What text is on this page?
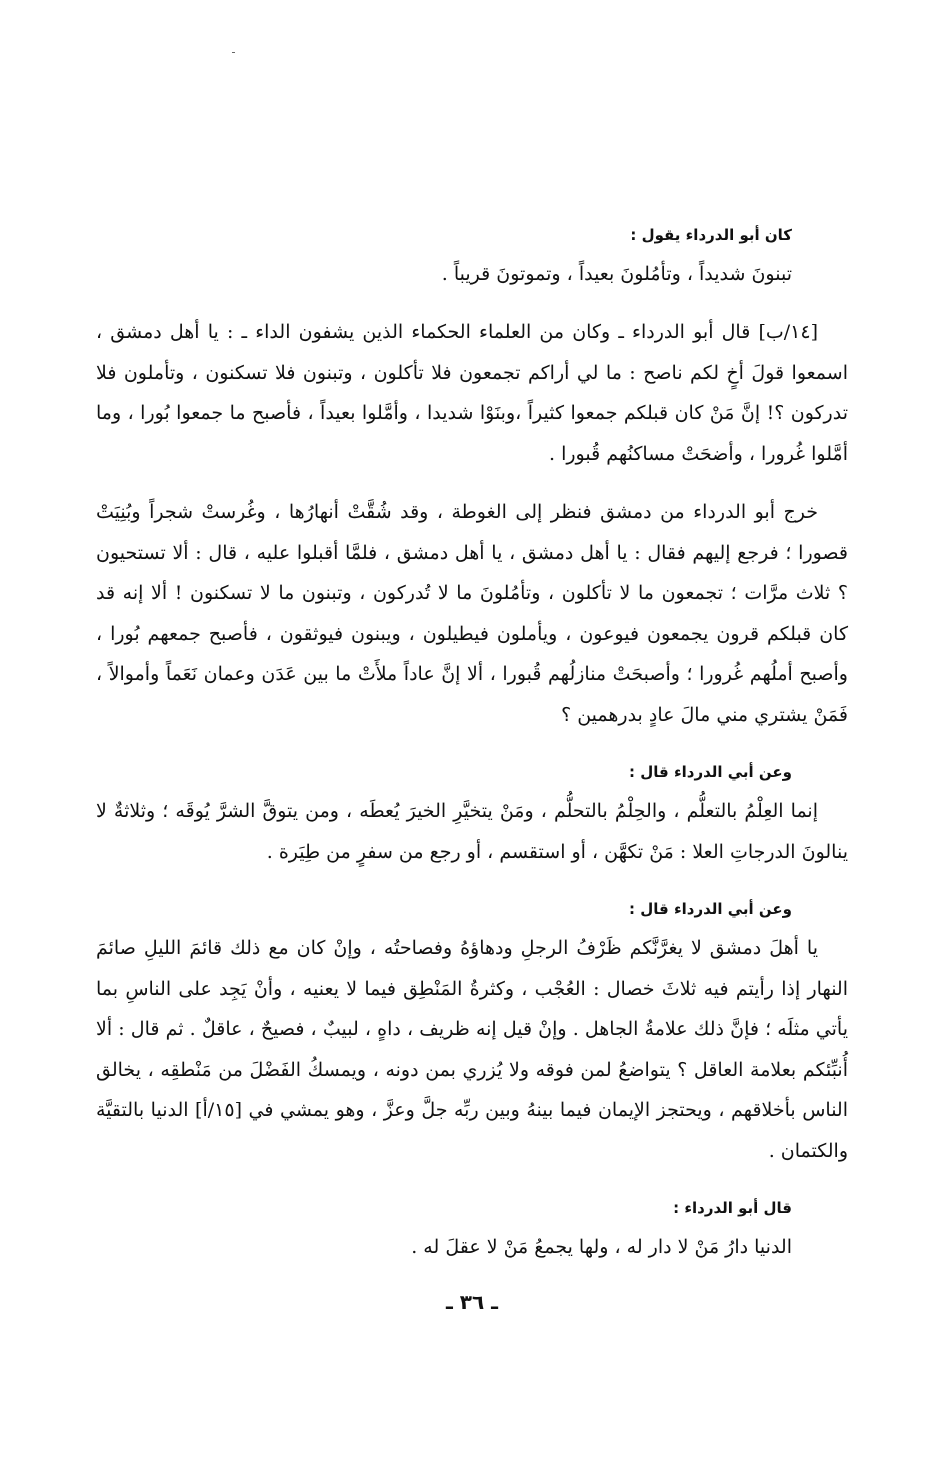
كان أبو الدرداء يقول :

تبنونَ شديداً ، وتأمُلونَ بعيداً ، وتموتونَ قريباً .

[١٤/ب] قال أبو الدرداء ـ وكان من العلماء الحكماء الذين يشفون الداء ـ : يا أهل دمشق ، اسمعوا قولَ أخٍ لكم ناصح : ما لي أراكم تجمعون فلا تأكلون ، وتبنون فلا تسكنون ، وتأملون فلا تدركون ؟! إنَّ مَنْ كان قبلكم جمعوا كثيراً ،وبنَوْا شديدا ، وأمَّلوا بعيداً ، فأصبح ما جمعوا بُورا ، وما أمَّلوا غُرورا ، وأضحَتْ مساكنُهم قُبورا .

خرج أبو الدرداء من دمشق فنظر إلى الغوطة ، وقد شُقَّتْ أنهارُها ، وغُرستْ شجراً وبُنِيَتْ قصورا ؛ فرجع إليهم فقال : يا أهل دمشق ، يا أهل دمشق ، فلمَّا أقبلوا عليه ، قال : ألا تستحيون ؟ ثلاث مرَّات ؛ تجمعون ما لا تأكلون ، وتأمُلونَ ما لا تُدركون ، وتبنون ما لا تسكنون ! ألا إنه قد كان قبلكم قرون يجمعون فيوعون ، ويأملون فيطيلون ، ويبنون فيوثقون ، فأصبح جمعهم بُورا ، وأصبح أملُهم غُرورا ؛ وأصبحَتْ منازلُهم قُبورا ، ألا إنَّ عاداً ملأَتْ ما بين عَدَن وعمان نَعَماً وأموالاً ، فَمَنْ يشتري مني مالَ عادٍ بدرهمين ؟

وعن أبي الدرداء قال :

إنما العِلْمُ بالتعلُّم ، والحِلْمُ بالتحلُّم ، ومَنْ يتخيَّرِ الخيرَ يُعطَه ، ومن يتوقَّ الشرَّ يُوقَه ؛ وثلاثةٌ لا ينالونَ الدرجاتِ العلا : مَنْ تكهَّن ، أو استقسم ، أو رجع من سفرٍ من طِيَرة .

وعن أبي الدرداء قال :

يا أهلَ دمشق لا يغرَّنَّكم ظَرْفُ الرجلِ ودهاؤهُ وفصاحتُه ، وإنْ كان مع ذلك قائمَ الليلِ صائمَ النهار إذا رأيتم فيه ثلاثَ خصال : العُجْب ، وكثرةُ المَنْطِق فيما لا يعنيه ، وأنْ يَجِد على الناسِ بما يأتي مثلَه ؛ فإنَّ ذلك علامةُ الجاهل . وإنْ قيل إنه ظريف ، داهٍ ، لبيبٌ ، فصيحٌ ، عاقلٌ . ثم قال : ألا أُنبِّئكم بعلامة العاقل ؟ يتواضعُ لمن فوقه ولا يُزري بمن دونه ، ويمسكُ الفَضْلَ من مَنْطقِه ، يخالق الناس بأخلاقهم ، ويحتجز الإيمان فيما بينهُ وبين ربِّه جلَّ وعزَّ ، وهو يمشي في [١٥/أ] الدنيا بالتقيَّة والكتمان .

قال أبو الدرداء :

الدنيا دارُ مَنْ لا دار له ، ولها يجمعُ مَنْ لا عقلَ له .

ـ ٣٦ ـ
